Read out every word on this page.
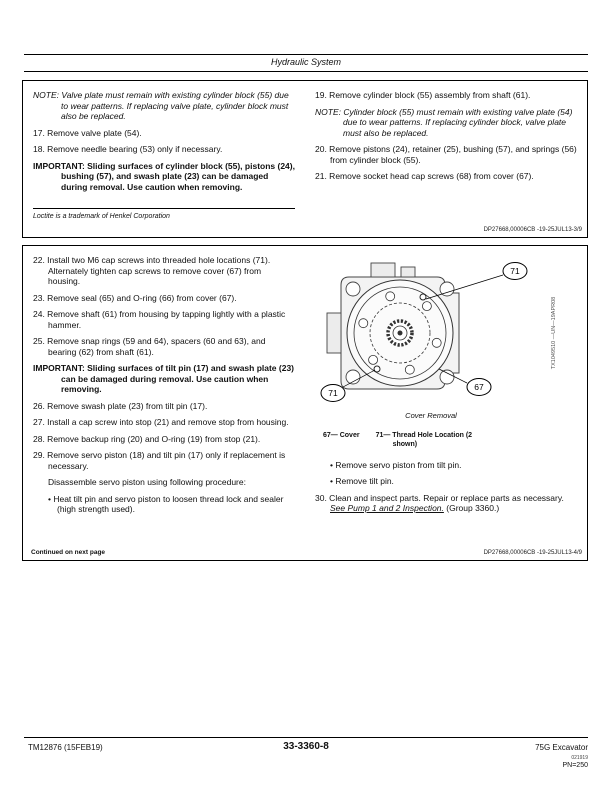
Hydraulic System

NOTE: Valve plate must remain with existing cylinder block (55) due to wear patterns. If replacing valve plate, cylinder block must also be replaced.

17. Remove valve plate (54).

18. Remove needle bearing (53) only if necessary.

IMPORTANT: Sliding surfaces of cylinder block (55), pistons (24), bushing (57), and swash plate (23) can be damaged during removal. Use caution when removing.

Loctite is a trademark of Henkel Corporation

19. Remove cylinder block (55) assembly from shaft (61).

NOTE: Cylinder block (55) must remain with existing valve plate (54) due to wear patterns. If replacing cylinder block, valve plate must also be replaced.

20. Remove pistons (24), retainer (25), bushing (57), and springs (56) from cylinder block (55).

21. Remove socket head cap screws (68) from cover (67).

DP27668,00006CB -19-25JUL13-3/9

22. Install two M6 cap screws into threaded hole locations (71). Alternately tighten cap screws to remove cover (67) from housing.

23. Remove seal (65) and O-ring (66) from cover (67).

24. Remove shaft (61) from housing by tapping lightly with a plastic hammer.

25. Remove snap rings (59 and 64), spacers (60 and 63), and bearing (62) from shaft (61).

IMPORTANT: Sliding surfaces of tilt pin (17) and swash plate (23) can be damaged during removal. Use caution when removing.

26. Remove swash plate (23) from tilt pin (17).

27. Install a cap screw into stop (21) and remove stop from housing.

28. Remove backup ring (20) and O-ring (19) from stop (21).

29. Remove servo piston (18) and tilt pin (17) only if replacement is necessary.

Disassemble servo piston using following procedure:

• Heat tilt pin and servo piston to loosen thread lock and sealer (high strength used).

71
71
67
TX1049510 —UN—19APR08

Cover Removal

67— Cover 71— Thread Hole Location (2 shown)

• Remove servo piston from tilt pin.

• Remove tilt pin.

30. Clean and inspect parts. Repair or replace parts as necessary. See Pump 1 and 2 Inspection. (Group 3360.)

Continued on next page	DP27668,00006CB -19-25JUL13-4/9
TM12876 (15FEB19)	33-3360-8	75G Excavator
021919
PN=250
